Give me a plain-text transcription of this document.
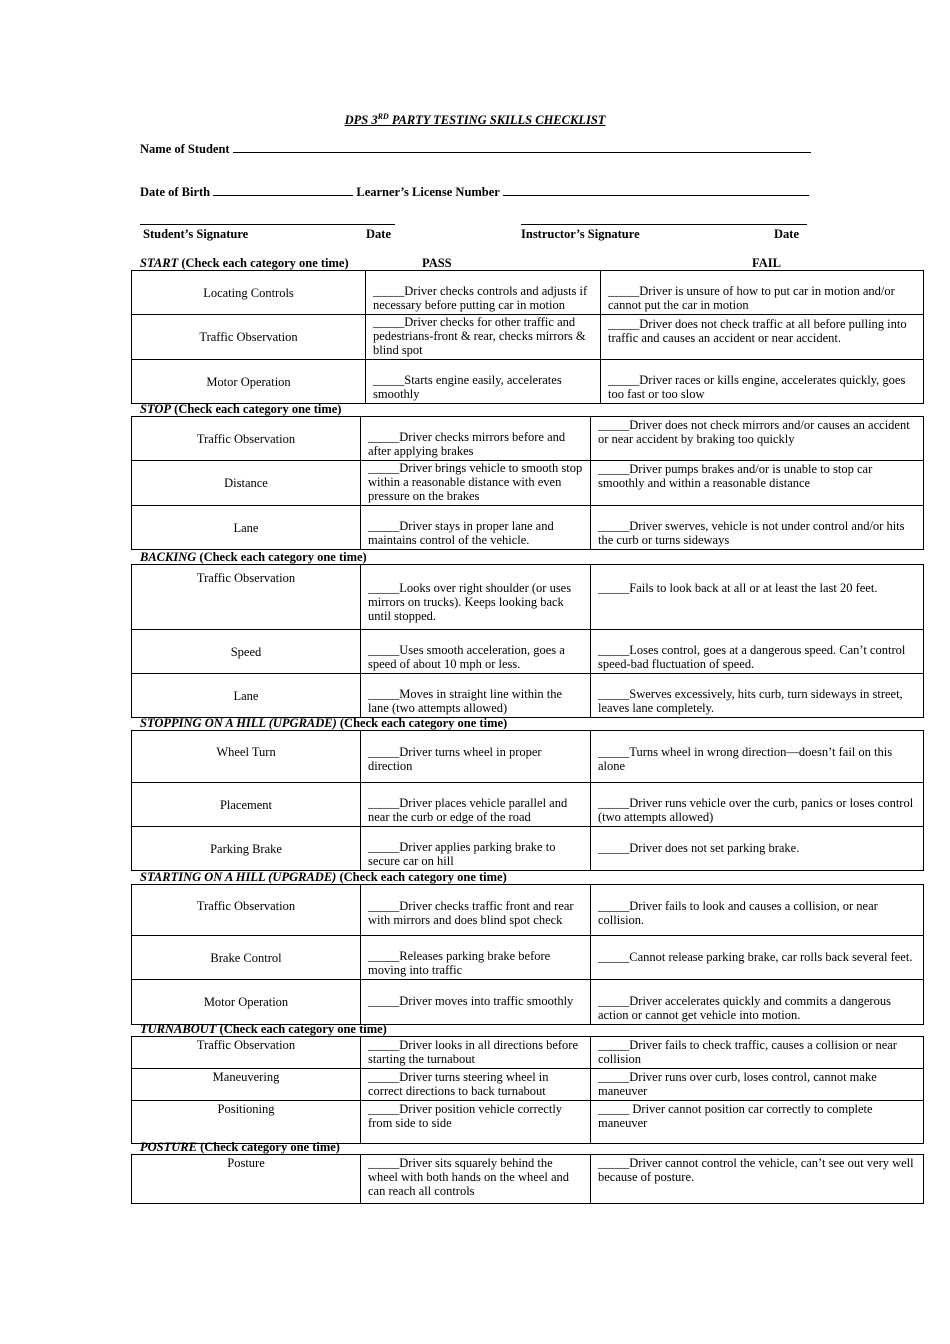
DPS 3RD PARTY TESTING SKILLS CHECKLIST
Name of Student
Date of Birth	Learner’s License Number
Student’s Signature	Date	Instructor’s Signature	Date
START (Check each category one time)	PASS	FAIL
Locating Controls	_____Driver checks controls and adjusts if necessary before putting car in motion	_____Driver is unsure of how to put car in motion and/or cannot put the car in motion
Traffic Observation	_____Driver checks for other traffic and pedestrians-front & rear, checks mirrors & blind spot	_____Driver does not check traffic at all before pulling into traffic and causes an accident or near accident.
Motor Operation	_____Starts engine easily, accelerates smoothly	_____Driver races or kills engine, accelerates quickly, goes too fast or too slow
STOP (Check each category one time)
Traffic Observation	_____Driver checks mirrors before and after applying brakes	_____Driver does not check mirrors and/or causes an accident or near accident by braking too quickly
Distance	_____Driver brings vehicle to smooth stop within a reasonable distance with even pressure on the brakes	_____Driver pumps brakes and/or is unable to stop car smoothly and within a reasonable distance
Lane	_____Driver stays in proper lane and maintains control of the vehicle.	_____Driver swerves, vehicle is not under control and/or hits the curb or turns sideways
BACKING (Check each category one time)
Traffic Observation	_____Looks over right shoulder (or uses mirrors on trucks). Keeps looking back until stopped.	_____Fails to look back at all or at least the last 20 feet.
Speed	_____Uses smooth acceleration, goes a speed of about 10 mph or less.	_____Loses control, goes at a dangerous speed. Can’t control speed-bad fluctuation of speed.
Lane	_____Moves in straight line within the lane (two attempts allowed)	_____Swerves excessively, hits curb, turn sideways in street, leaves lane completely.
STOPPING ON A HILL (UPGRADE) (Check each category one time)
Wheel Turn	_____Driver turns wheel in proper direction	_____Turns wheel in wrong direction—doesn’t fail on this alone
Placement	_____Driver places vehicle parallel and near the curb or edge of the road	_____Driver runs vehicle over the curb, panics or loses control (two attempts allowed)
Parking Brake	_____Driver applies parking brake to secure car on hill	_____Driver does not set parking brake.
STARTING ON A HILL (UPGRADE) (Check each category one time)
Traffic Observation	_____Driver checks traffic front and rear with mirrors and does blind spot check	_____Driver fails to look and causes a collision, or near collision.
Brake Control	_____Releases parking brake before moving into traffic	_____Cannot release parking brake, car rolls back several feet.
Motor Operation	_____Driver moves into traffic smoothly	_____Driver accelerates quickly and commits a dangerous action or cannot get vehicle into motion.
TURNABOUT (Check each category one time)
Traffic Observation	_____Driver looks in all directions before starting the turnabout	_____Driver fails to check traffic, causes a collision or near collision
Maneuvering	_____Driver turns steering wheel in correct directions to back turnabout	_____Driver runs over curb, loses control, cannot make maneuver
Positioning	_____Driver position vehicle correctly from side to side	_____ Driver cannot position car correctly to complete maneuver
POSTURE (Check category one time)
Posture	_____Driver sits squarely behind the wheel with both hands on the wheel and can reach all controls	_____Driver cannot control the vehicle, can’t see out very well because of posture.
